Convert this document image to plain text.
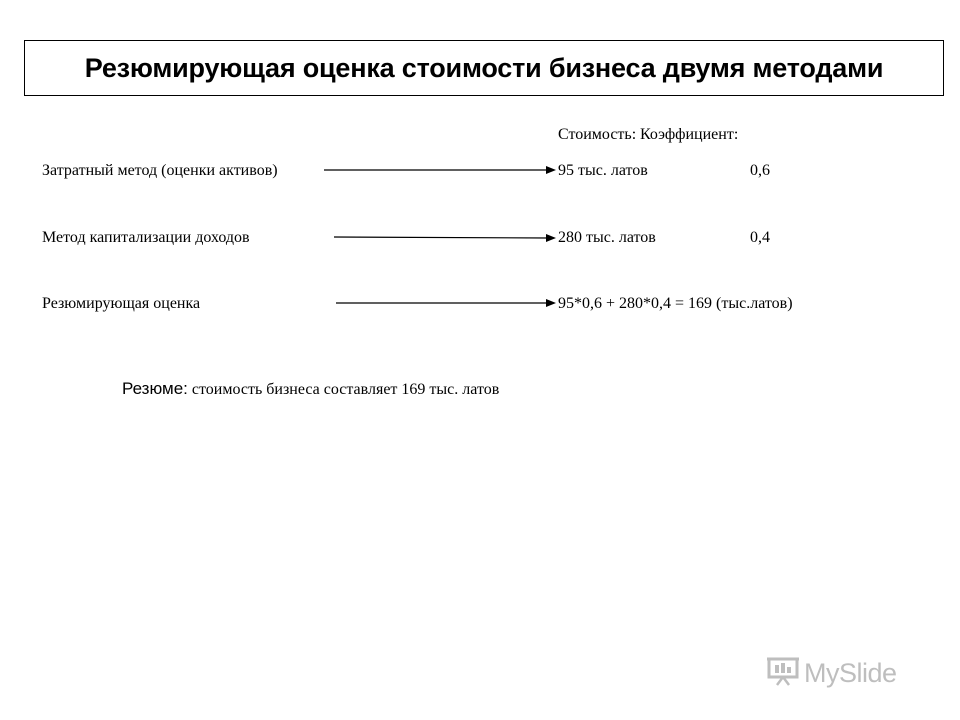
Резюмирующая оценка стоимости бизнеса двумя методами
Стоимость: Коэффициент:
Затратный метод (оценки активов)	95 тыс. латов	0,6
Метод капитализации доходов	280 тыс. латов	0,4
Резюмирующая оценка	95*0,6 + 280*0,4 = 169 (тыс.латов)
Резюме: стоимость бизнеса составляет 169 тыс. латов
MySlide
